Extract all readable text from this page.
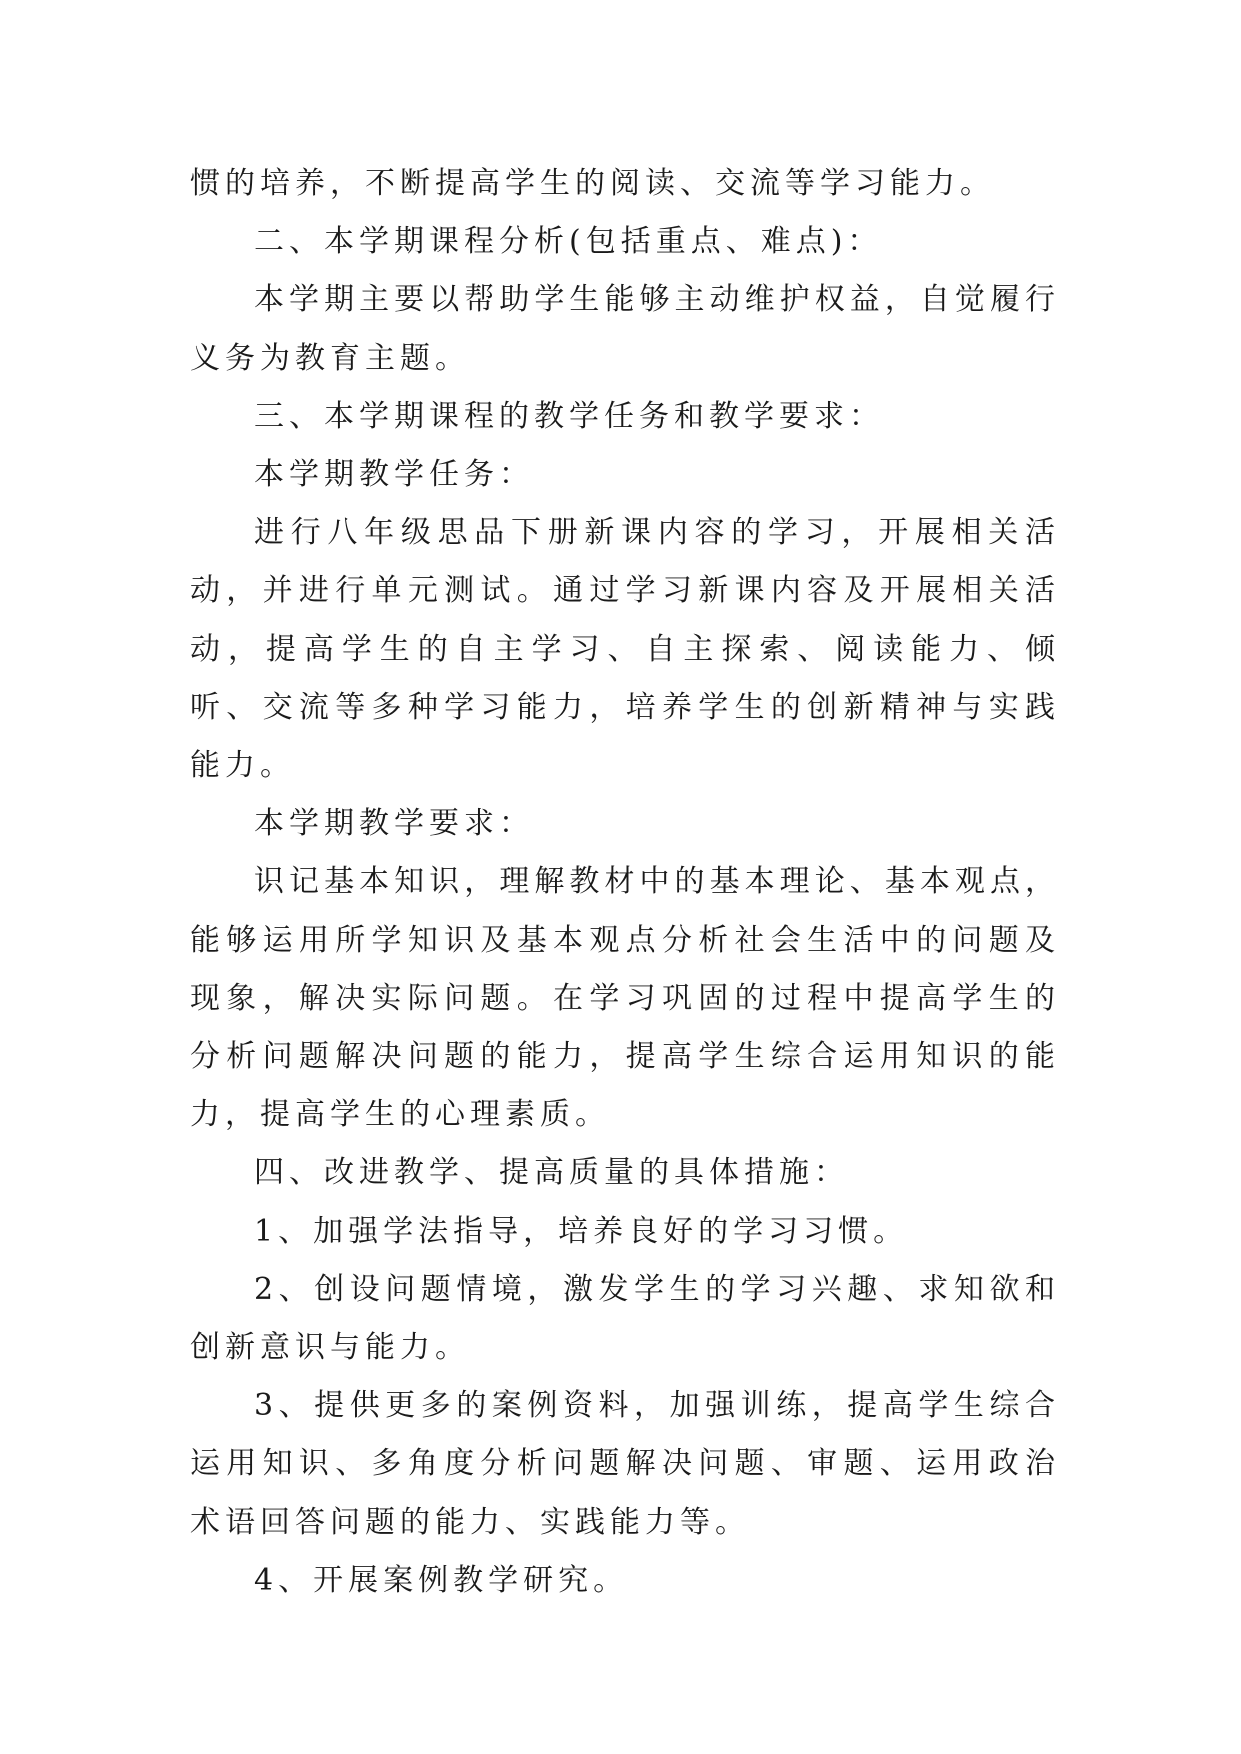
惯的培养，不断提高学生的阅读、交流等学习能力。

二、本学期课程分析(包括重点、难点)：

本学期主要以帮助学生能够主动维护权益，自觉履行义务为教育主题。

三、本学期课程的教学任务和教学要求：

本学期教学任务：

进行八年级思品下册新课内容的学习，开展相关活动，并进行单元测试。通过学习新课内容及开展相关活动，提高学生的自主学习、自主探索、阅读能力、倾听、交流等多种学习能力，培养学生的创新精神与实践能力。

本学期教学要求：

识记基本知识，理解教材中的基本理论、基本观点，能够运用所学知识及基本观点分析社会生活中的问题及现象，解决实际问题。在学习巩固的过程中提高学生的分析问题解决问题的能力，提高学生综合运用知识的能力，提高学生的心理素质。

四、改进教学、提高质量的具体措施：

1、加强学法指导，培养良好的学习习惯。

2、创设问题情境，激发学生的学习兴趣、求知欲和创新意识与能力。

3、提供更多的案例资料，加强训练，提高学生综合运用知识、多角度分析问题解决问题、审题、运用政治术语回答问题的能力、实践能力等。

4、开展案例教学研究。
